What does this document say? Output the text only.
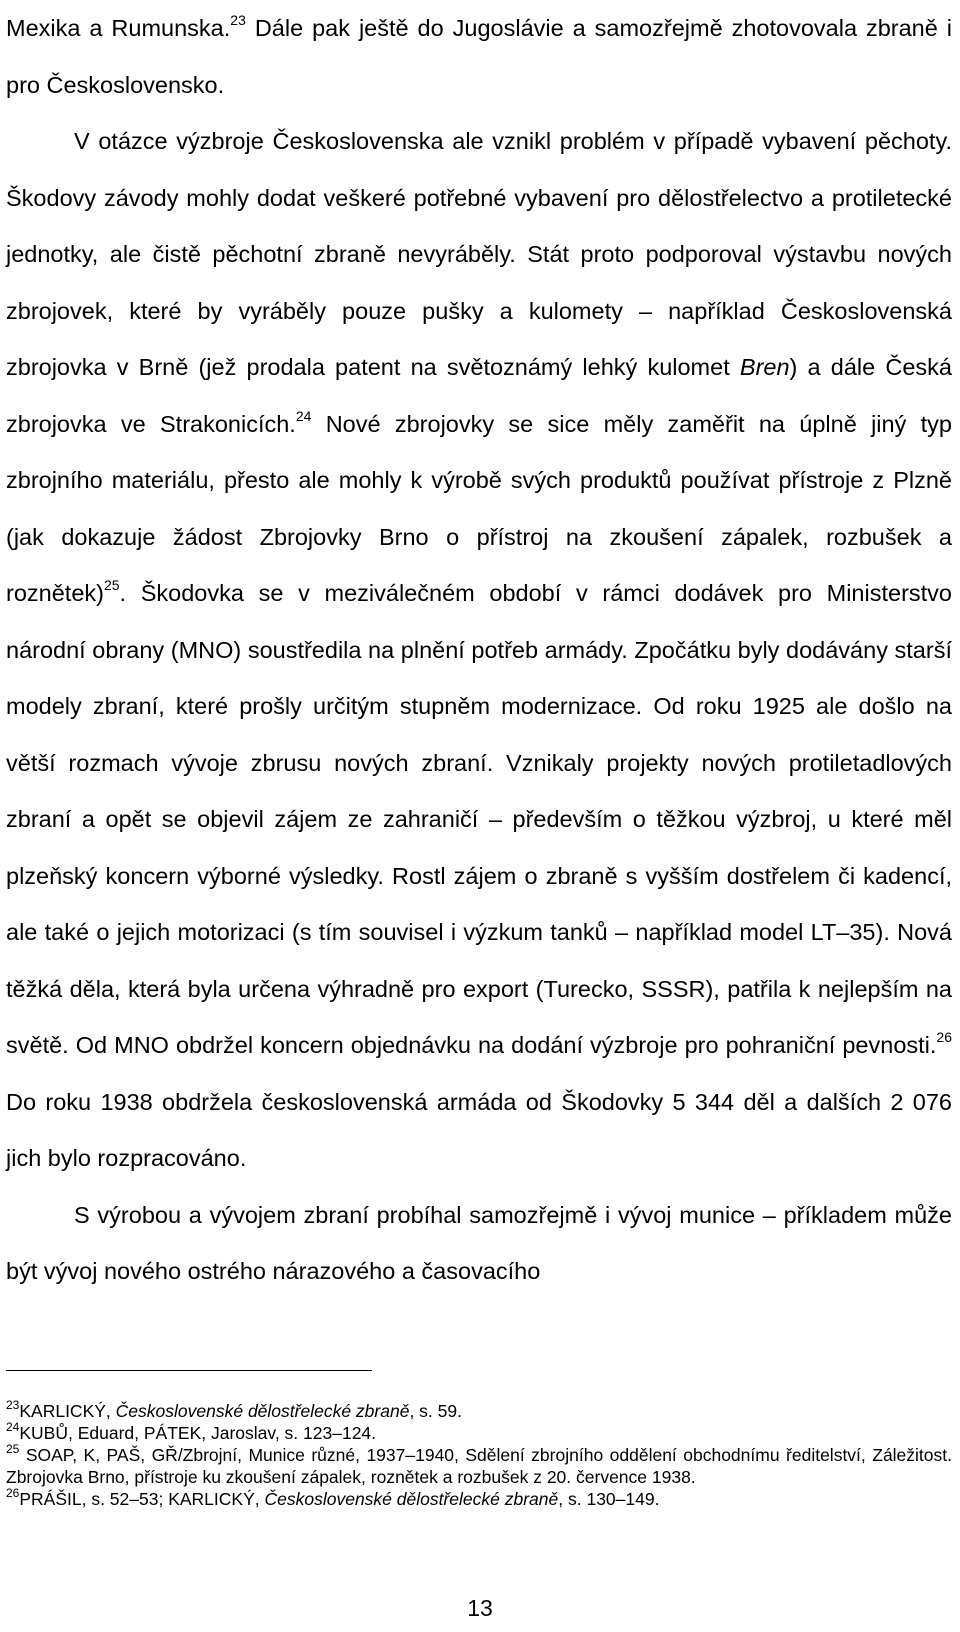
Mexika a Rumunska.$^{23}$ Dále pak ještě do Jugoslávie a samozřejmě zhotovovala zbraně i pro Československo.

V otázce výzbroje Československa ale vznikl problém v případě vybavení pěchoty. Škodovy závody mohly dodat veškeré potřebné vybavení pro dělostřelectvo a protiletecké jednotky, ale čistě pěchotní zbraně nevyráběly. Stát proto podporoval výstavbu nových zbrojovek, které by vyráběly pouze pušky a kulomety – například Československá zbrojovka v Brně (jež prodala patent na světoznámý lehký kulomet Bren) a dále Česká zbrojovka ve Strakonicích.$^{24}$ Nové zbrojovky se sice měly zaměřit na úplně jiný typ zbrojního materiálu, přesto ale mohly k výrobě svých produktů používat přístroje z Plzně (jak dokazuje žádost Zbrojovky Brno o přístroj na zkoušení zápalek, rozbušek a roznětek)$^{25}$. Škodovka se v meziválečném období v rámci dodávek pro Ministerstvo národní obrany (MNO) soustředila na plnění potřeb armády. Zpočátku byly dodávány starší modely zbraní, které prošly určitým stupněm modernizace. Od roku 1925 ale došlo na větší rozmach vývoje zbrusu nových zbraní. Vznikaly projekty nových protiletadlových zbraní a opět se objevil zájem ze zahraničí – především o těžkou výzbroj, u které měl plzeňský koncern výborné výsledky. Rostl zájem o zbraně s vyšším dostřelem či kadencí, ale také o jejich motorizaci (s tím souvisel i výzkum tanků – například model LT–35). Nová těžká děla, která byla určena výhradně pro export (Turecko, SSSR), patřila k nejlepším na světě. Od MNO obdržel koncern objednávku na dodání výzbroje pro pohraniční pevnosti.$^{26}$ Do roku 1938 obdržela československá armáda od Škodovky 5 344 děl a dalších 2 076 jich bylo rozpracováno.

S výrobou a vývojem zbraní probíhal samozřejmě i vývoj munice – příkladem může být vývoj nového ostrého nárazového a časovacího

$^{23}$KARLICKÝ, Československé dělostřelecké zbraně, s. 59.

$^{24}$KUBŮ, Eduard, PÁTEK, Jaroslav, s. 123–124.

$^{25}$ SOAP, K, PAŠ, GŘ/Zbrojní, Munice různé, 1937–1940, Sdělení zbrojního oddělení obchodnímu ředitelství, Záležitost. Zbrojovka Brno, přístroje ku zkoušení zápalek, roznětek a rozbušek z 20. července 1938.

$^{26}$PRÁŠIL, s. 52–53; KARLICKÝ, Československé dělostřelecké zbraně, s. 130–149.

13
